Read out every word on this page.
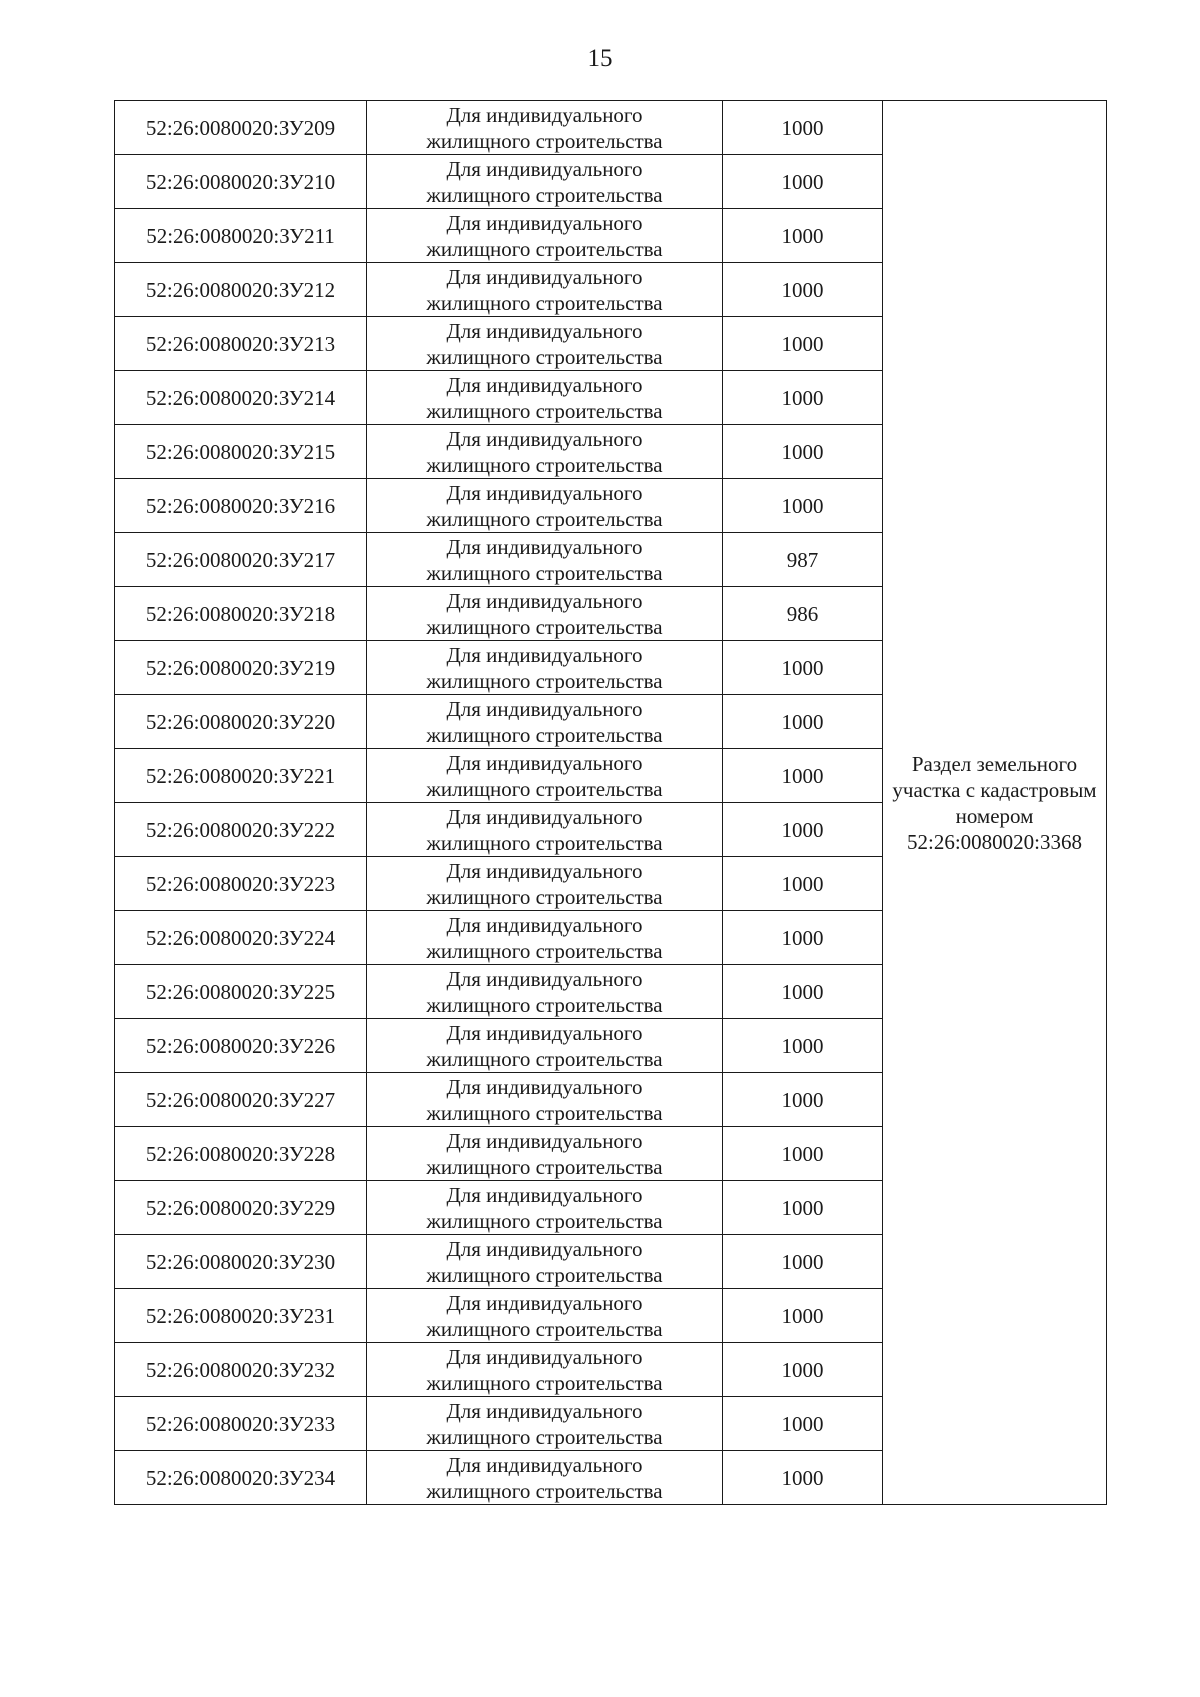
15
52:26:0080020:ЗУ209	Для индивидуального
жилищного строительства	1000	Раздел земельного участка с кадастровым номером 52:26:0080020:3368

52:26:0080020:ЗУ210	Для индивидуального
жилищного строительства	1000	
52:26:0080020:ЗУ211	Для индивидуального
жилищного строительства	1000	
52:26:0080020:ЗУ212	Для индивидуального
жилищного строительства	1000	
52:26:0080020:ЗУ213	Для индивидуального
жилищного строительства	1000	
52:26:0080020:ЗУ214	Для индивидуального
жилищного строительства	1000	
52:26:0080020:ЗУ215	Для индивидуального
жилищного строительства	1000	
52:26:0080020:ЗУ216	Для индивидуального
жилищного строительства	1000	
52:26:0080020:ЗУ217	Для индивидуального
жилищного строительства	987	
52:26:0080020:ЗУ218	Для индивидуального
жилищного строительства	986	
52:26:0080020:ЗУ219	Для индивидуального
жилищного строительства	1000	
52:26:0080020:ЗУ220	Для индивидуального
жилищного строительства	1000	
52:26:0080020:ЗУ221	Для индивидуального
жилищного строительства	1000	
52:26:0080020:ЗУ222	Для индивидуального
жилищного строительства	1000	
52:26:0080020:ЗУ223	Для индивидуального
жилищного строительства	1000	
52:26:0080020:ЗУ224	Для индивидуального
жилищного строительства	1000	
52:26:0080020:ЗУ225	Для индивидуального
жилищного строительства	1000	
52:26:0080020:ЗУ226	Для индивидуального
жилищного строительства	1000	
52:26:0080020:ЗУ227	Для индивидуального
жилищного строительства	1000	
52:26:0080020:ЗУ228	Для индивидуального
жилищного строительства	1000	
52:26:0080020:ЗУ229	Для индивидуального
жилищного строительства	1000	
52:26:0080020:ЗУ230	Для индивидуального
жилищного строительства	1000	
52:26:0080020:ЗУ231	Для индивидуального
жилищного строительства	1000	
52:26:0080020:ЗУ232	Для индивидуального
жилищного строительства	1000	
52:26:0080020:ЗУ233	Для индивидуального
жилищного строительства	1000	
52:26:0080020:ЗУ234	Для индивидуального
жилищного строительства	1000	
